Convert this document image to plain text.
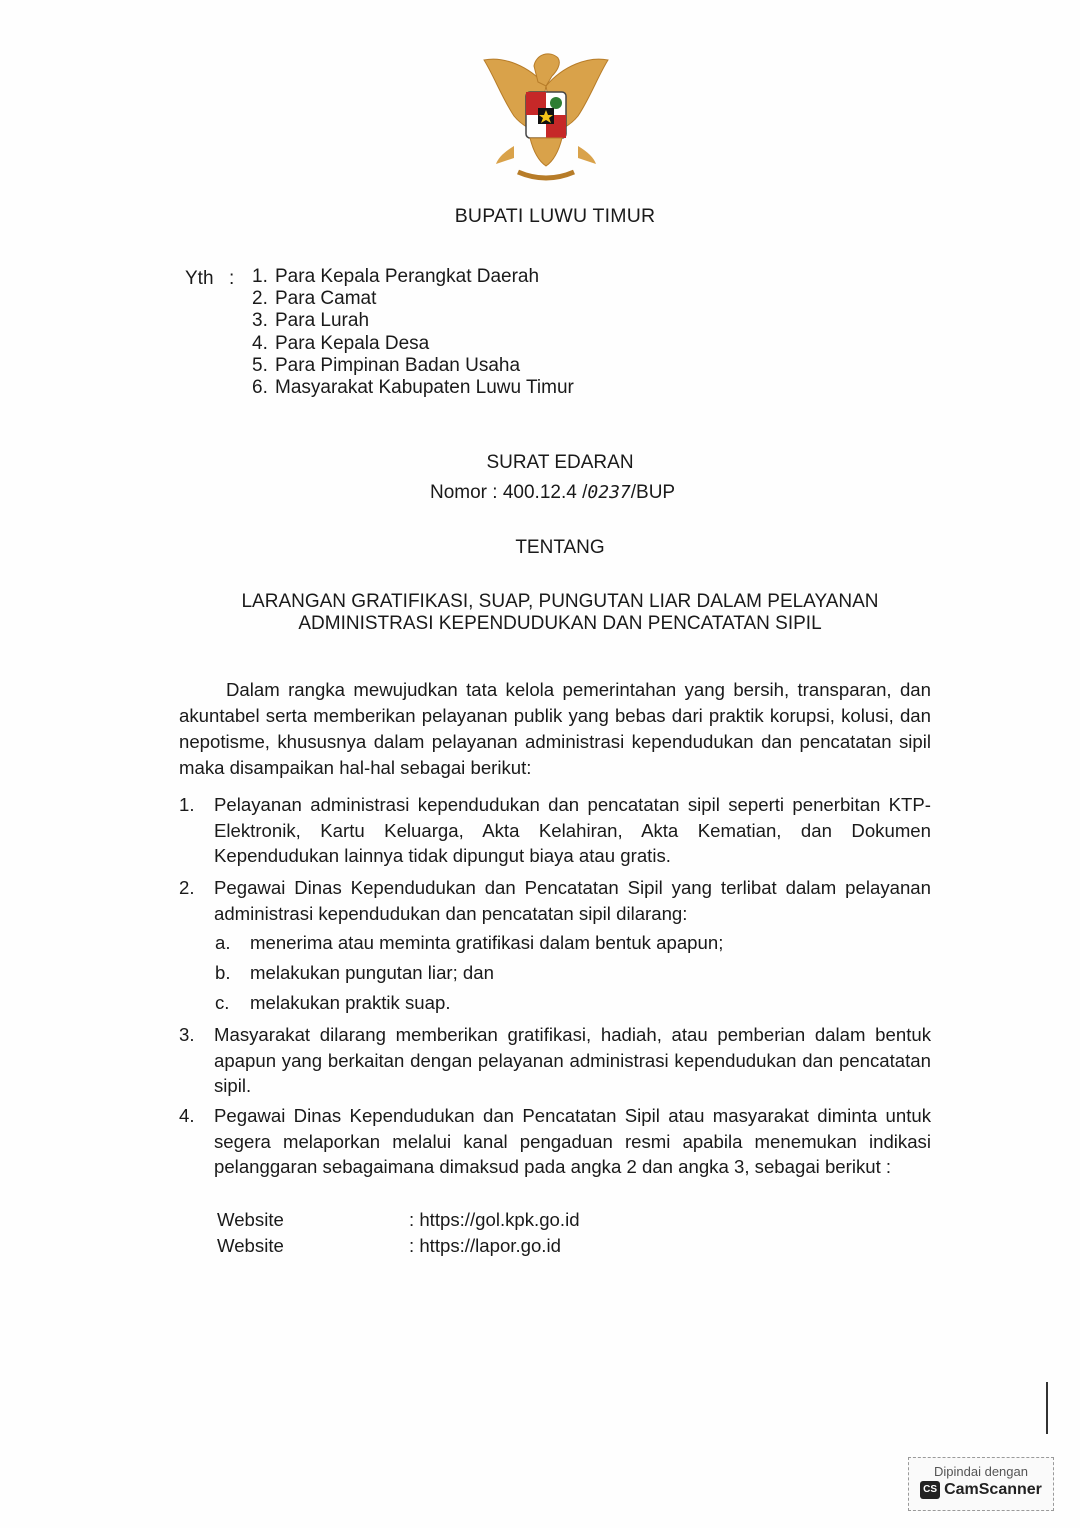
BUPATI LUWU TIMUR
Yth : 1. Para Kepala Perangkat Daerah
2. Para Camat
3. Para Lurah
4. Para Kepala Desa
5. Para Pimpinan Badan Usaha
6. Masyarakat Kabupaten Luwu Timur
SURAT EDARAN
Nomor : 400.12.4 /0237/BUP
TENTANG
LARANGAN GRATIFIKASI, SUAP, PUNGUTAN LIAR DALAM PELAYANAN
ADMINISTRASI KEPENDUDUKAN DAN PENCATATAN SIPIL
Dalam rangka mewujudkan tata kelola pemerintahan yang bersih, transparan, dan akuntabel serta memberikan pelayanan publik yang bebas dari praktik korupsi, kolusi, dan nepotisme, khususnya dalam pelayanan administrasi kependudukan dan pencatatan sipil maka disampaikan hal-hal sebagai berikut:
1. Pelayanan administrasi kependudukan dan pencatatan sipil seperti penerbitan KTP-Elektronik, Kartu Keluarga, Akta Kelahiran, Akta Kematian, dan Dokumen Kependudukan lainnya tidak dipungut biaya atau gratis.
2. Pegawai Dinas Kependudukan dan Pencatatan Sipil yang terlibat dalam pelayanan administrasi kependudukan dan pencatatan sipil dilarang:
a. menerima atau meminta gratifikasi dalam bentuk apapun;
b. melakukan pungutan liar; dan
c. melakukan praktik suap.
3. Masyarakat dilarang memberikan gratifikasi, hadiah, atau pemberian dalam bentuk apapun yang berkaitan dengan pelayanan administrasi kependudukan dan pencatatan sipil.
4. Pegawai Dinas Kependudukan dan Pencatatan Sipil atau masyarakat diminta untuk segera melaporkan melalui kanal pengaduan resmi apabila menemukan indikasi pelanggaran sebagaimana dimaksud pada angka 2 dan angka 3, sebagai berikut :
Website	: https://gol.kpk.go.id
Website	: https://lapor.go.id
Dipindai dengan
CS CamScanner
